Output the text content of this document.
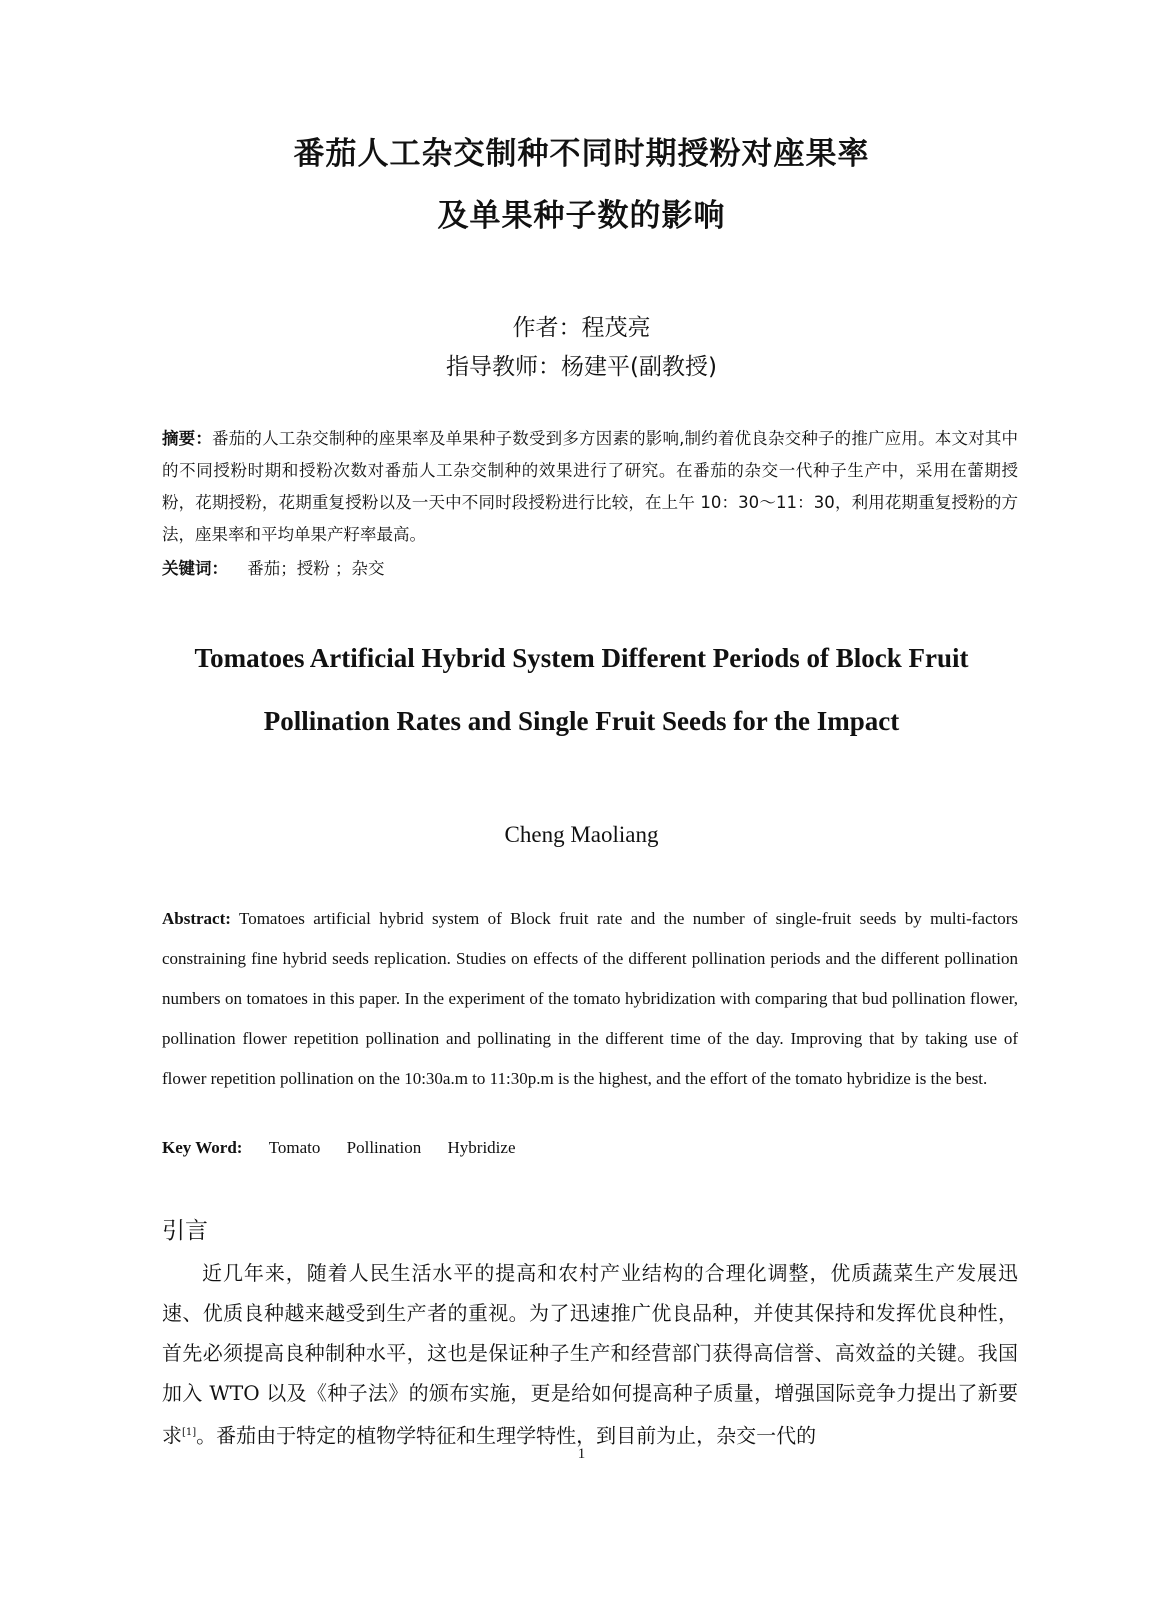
番茄人工杂交制种不同时期授粉对座果率
及单果种子数的影响
作者：程茂亮
指导教师：杨建平(副教授)
摘要：番茄的人工杂交制种的座果率及单果种子数受到多方因素的影响,制约着优良杂交种子的推广应用。本文对其中的不同授粉时期和授粉次数对番茄人工杂交制种的效果进行了研究。在番茄的杂交一代种子生产中，采用在蕾期授粉，花期授粉，花期重复授粉以及一天中不同时段授粉进行比较，在上午 10：30～11：30，利用花期重复授粉的方法，座果率和平均单果产籽率最高。
关键词： 番茄；授粉 ；杂交
Tomatoes Artificial Hybrid System Different Periods of Block Fruit
Pollination Rates and Single Fruit Seeds for the Impact
Cheng Maoliang
Abstract: Tomatoes artificial hybrid system of Block fruit rate and the number of single-fruit seeds by multi-factors constraining fine hybrid seeds replication. Studies on effects of the different pollination periods and the different pollination numbers on tomatoes in this paper. In the experiment of the tomato hybridization with comparing that bud pollination flower, pollination flower repetition pollination and pollinating in the different time of the day. Improving that by taking use of flower repetition pollination on the 10:30a.m to 11:30p.m is the highest, and the effort of the tomato hybridize is the best.
Key Word: Tomato Pollination Hybridize
引言

近几年来，随着人民生活水平的提高和农村产业结构的合理化调整，优质蔬菜生产发展迅速、优质良种越来越受到生产者的重视。为了迅速推广优良品种，并使其保持和发挥优良种性，首先必须提高良种制种水平，这也是保证种子生产和经营部门获得高信誉、高效益的关键。我国加入 WTO 以及《种子法》的颁布实施，更是给如何提高种子质量，增强国际竞争力提出了新要求[1]。番茄由于特定的植物学特征和生理学特性，到目前为止，杂交一代的

1
